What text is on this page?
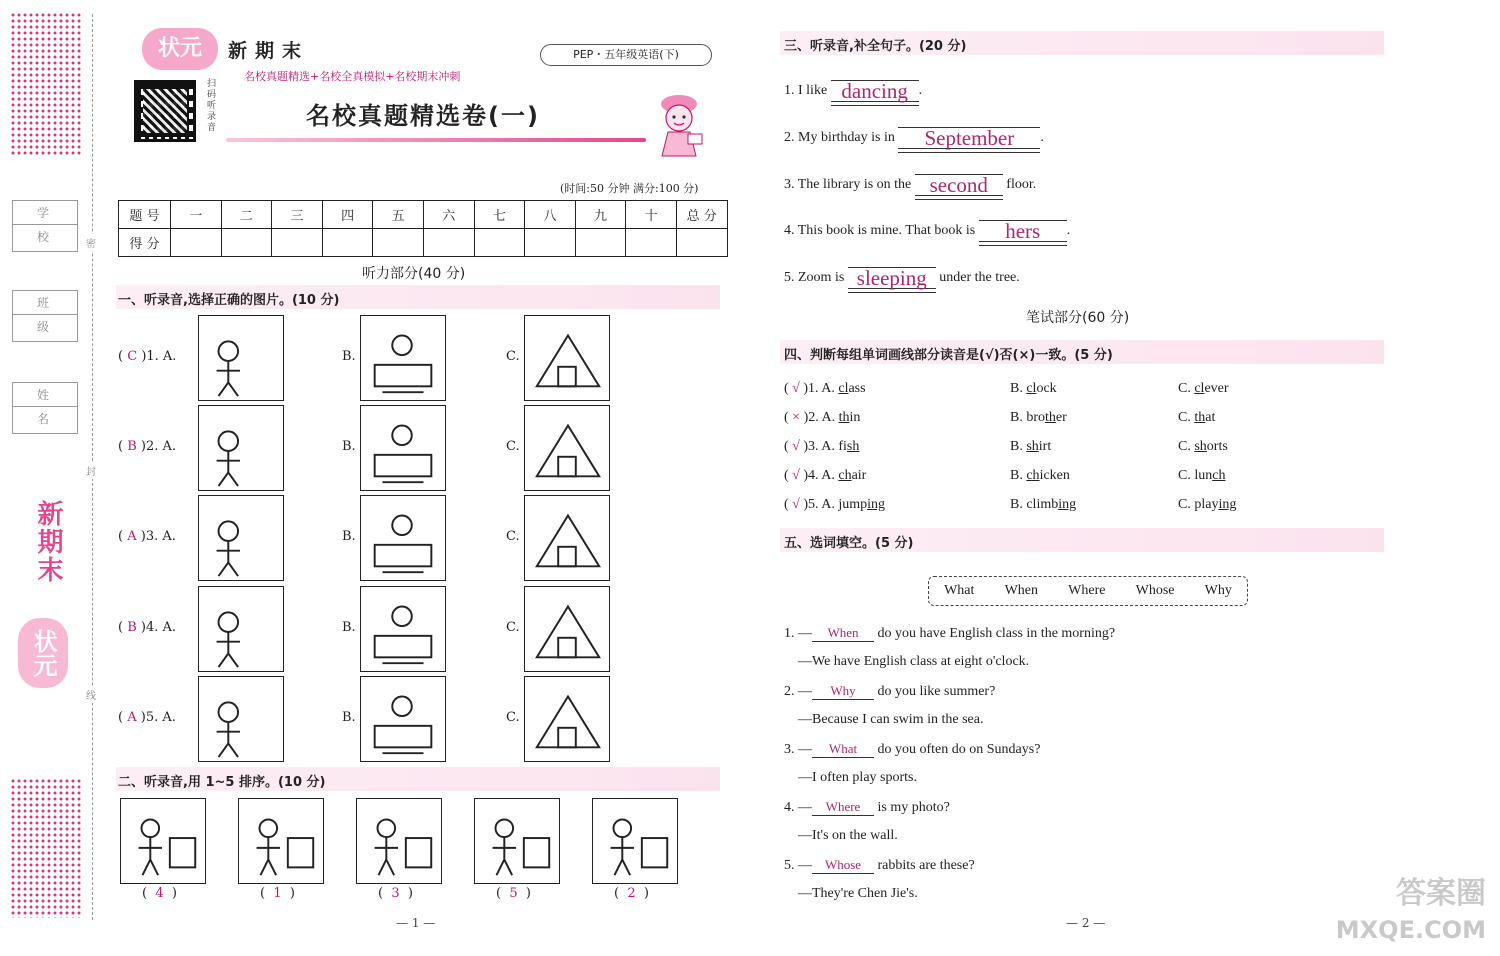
密
封
线
学 校
班 级
姓 名
新期末
状元
状元	新期末	PEP・五年级英语(下)
名校真题精选+名校全真模拟+名校期末冲刺
扫码听录音	名校真题精选卷(一)
(时间:50 分钟 满分:100 分)
题 号	一	二	三	四	五	六	七	八	九	十	总 分
得 分											
听力部分(40 分)
一、听录音,选择正确的图片。(10 分)
( C )1. A.	B.	C.
( B )2. A.	B.	C.
( A )3. A.	B.	C.
( B )4. A.	B.	C.
( A )5. A.	B.	C.
二、听录音,用 1~5 排序。(10 分)
(  4  )	(  1  )	(  3  )	(  5  )	(  2  )
— 1 —
三、听录音,补全句子。(20 分)
1. I like dancing .
2. My birthday is in September .
3. The library is on the second floor.
4. This book is mine. That book is hers .
5. Zoom is sleeping under the tree.
笔试部分(60 分)
四、判断每组单词画线部分读音是(√)否(×)一致。(5 分)
( √ )1. A. class	B. clock	C. clever
( × )2. A. thin	B. brother	C. that
( √ )3. A. fish	B. shirt	C. shorts
( √ )4. A. chair	B. chicken	C. lunch
( √ )5. A. jumping	B. climbing	C. playing
五、选词填空。(5 分)
What When Where Whose Why
1. — When do you have English class in the morning?
—We have English class at eight o'clock.
2. — Why do you like summer?
—Because I can swim in the sea.
3. — What do you often do on Sundays?
—I often play sports.
4. — Where is my photo?
—It's on the wall.
5. — Whose rabbits are these?
—They're Chen Jie's.
— 2 —
答案圈
MXQE.COM
